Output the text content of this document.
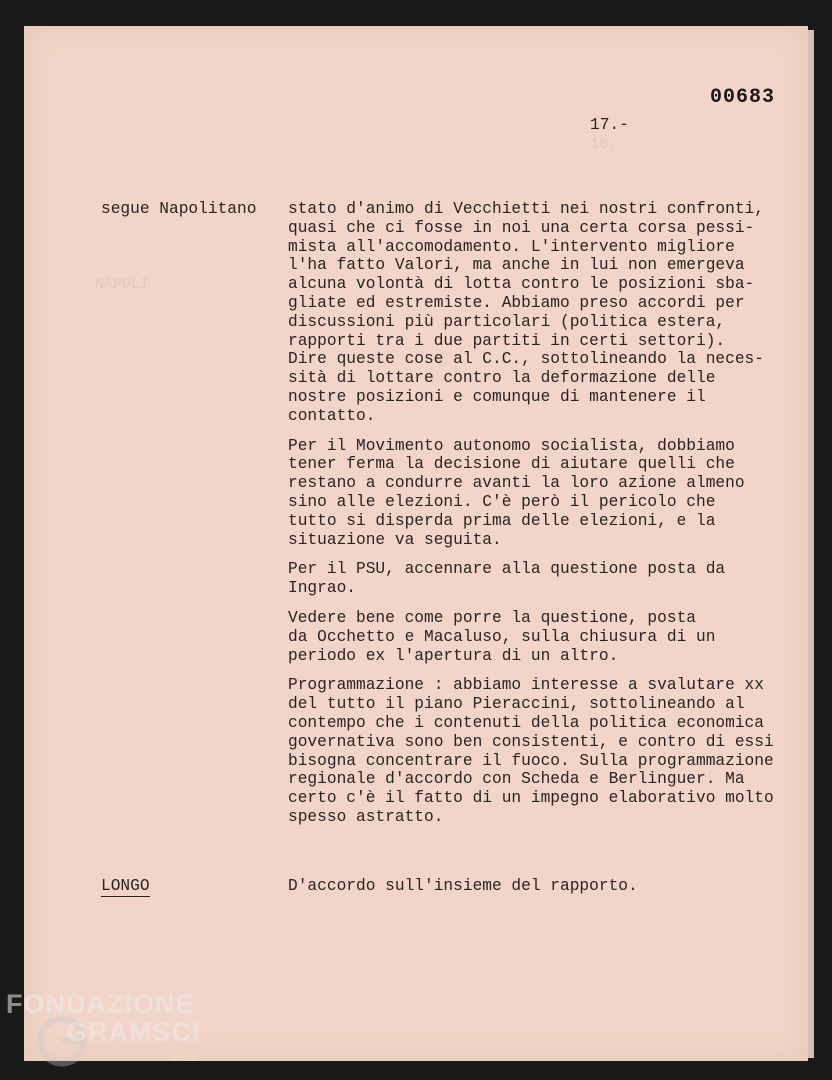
18.-
NAPOLI
00683
17.-
segue Napolitano stato d'animo di Vecchietti nei nostri confronti,
quasi che ci fosse in noi una certa corsa pessi-
mista all'accomodamento. L'intervento migliore
l'ha fatto Valori, ma anche in lui non emergeva
alcuna volontà di lotta contro le posizioni sba-
gliate ed estremiste. Abbiamo preso accordi per
discussioni più particolari (politica estera,
rapporti tra i due partiti in certi settori).
Dire queste cose al C.C., sottolineando la neces-
sità di lottare contro la deformazione delle
nostre posizioni e comunque di mantenere il
contatto.
Per il Movimento autonomo socialista, dobbiamo
tener ferma la decisione di aiutare quelli che
restano a condurre avanti la loro azione almeno
sino alle elezioni. C'è però il pericolo che
tutto si disperda prima delle elezioni, e la
situazione va seguita.
Per il PSU, accennare alla questione posta da Ingrao.
Vedere bene come porre la questione, posta
da Occhetto e Macaluso, sulla chiusura di un
periodo ex l'apertura di un altro.
Programmazione : abbiamo interesse a svalutare xx
del tutto il piano Pieraccini, sottolineando al
contempo che i contenuti della politica economica
governativa sono ben consistenti, e contro di essi
bisogna concentrare il fuoco. Sulla programmazione
regionale d'accordo con Scheda e Berlinguer. Ma
certo c'è il fatto di un impegno elaborativo molto
spesso astratto.
LONGO	D'accordo sull'insieme del rapporto.
FONDAZIONE
GRAMSCI
onlus
